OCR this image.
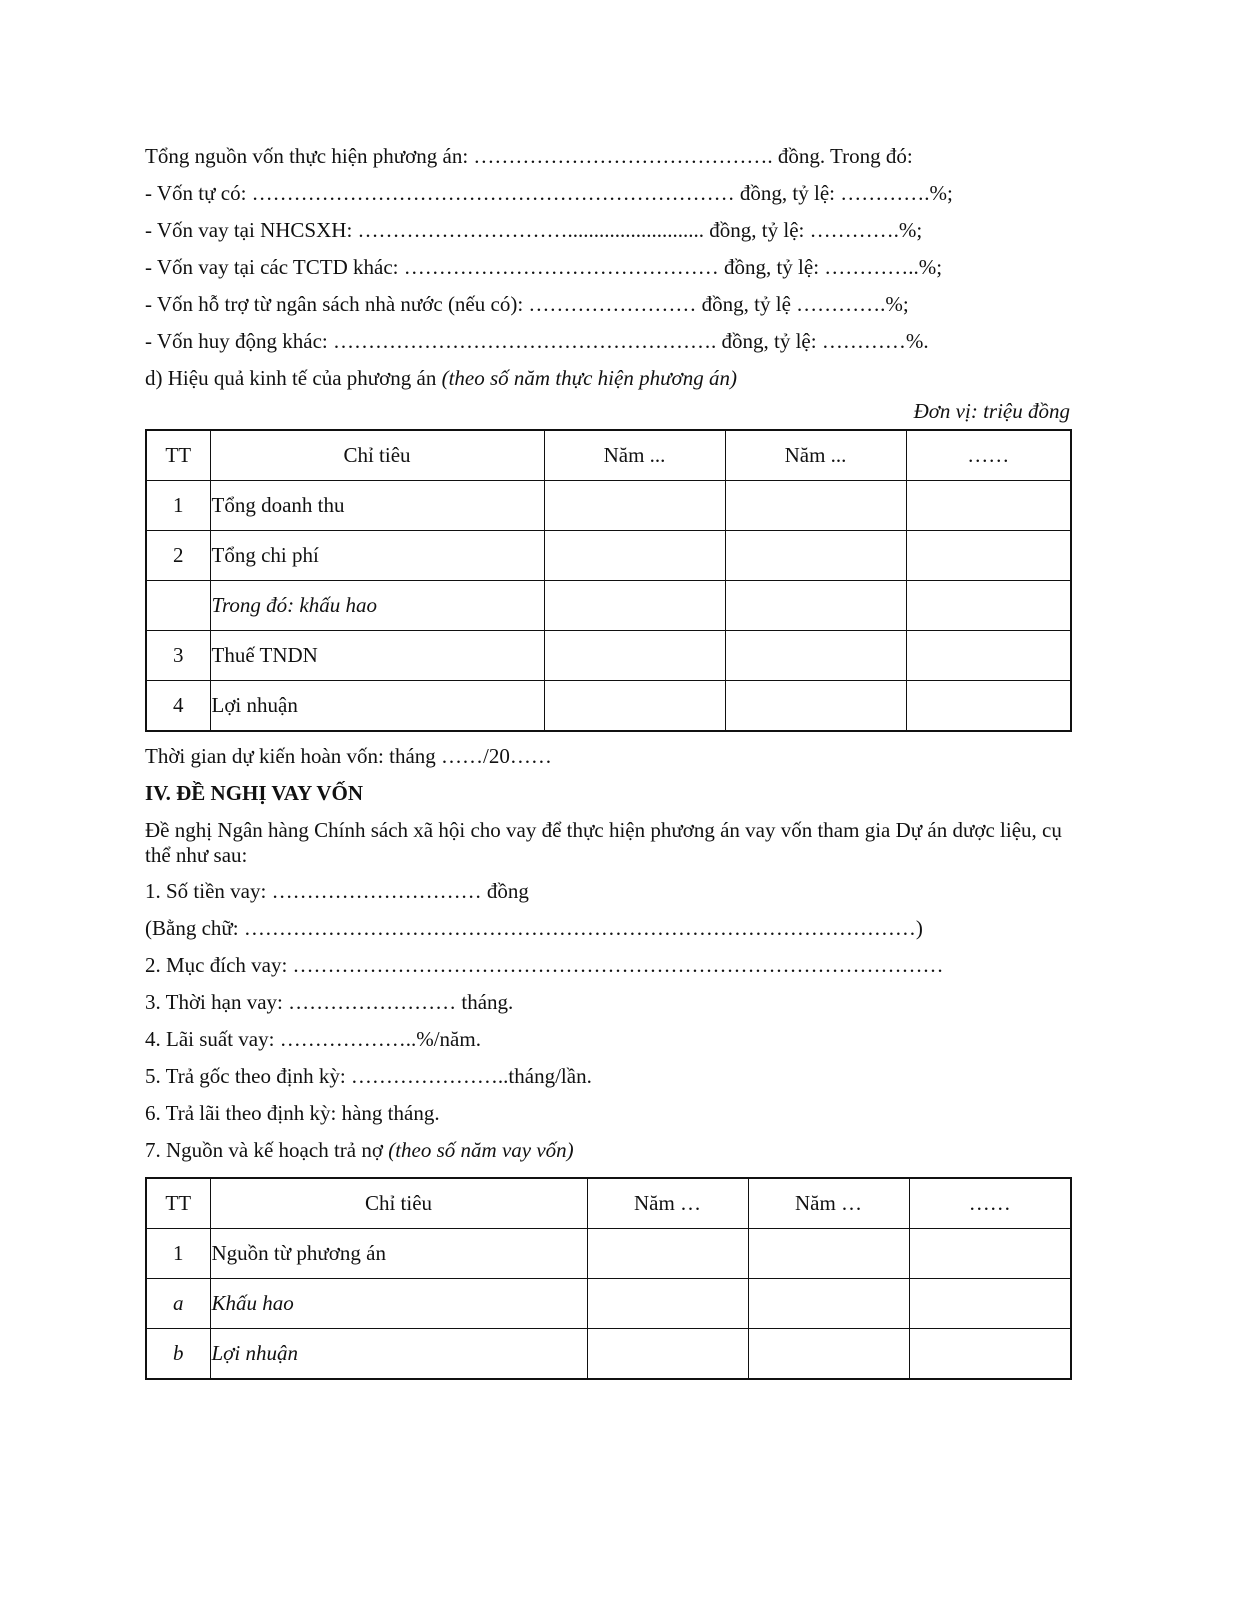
Tổng nguồn vốn thực hiện phương án: ……………………………………. đồng. Trong đó:
- Vốn tự có: …………………………………………………………… đồng, tỷ lệ: ………….%;
- Vốn vay tại NHCSXH: ………………………….......................... đồng, tỷ lệ: ………….%;
- Vốn vay tại các TCTD khác: ……………………………………… đồng, tỷ lệ: …………..%;
- Vốn hỗ trợ từ ngân sách nhà nước (nếu có): …………………… đồng, tỷ lệ ………….%;
- Vốn huy động khác: ………………………………………………. đồng, tỷ lệ: …………%.
d) Hiệu quả kinh tế của phương án (theo số năm thực hiện phương án)
Đơn vị: triệu đồng
TT	Chỉ tiêu	Năm ...	Năm ...	……
1	Tổng doanh thu			
2	Tổng chi phí			
	Trong đó: khấu hao			
3	Thuế TNDN			
4	Lợi nhuận			
Thời gian dự kiến hoàn vốn: tháng ……/20……
IV. ĐỀ NGHỊ VAY VỐN
Đề nghị Ngân hàng Chính sách xã hội cho vay để thực hiện phương án vay vốn tham gia Dự án dược liệu, cụ thể như sau:
1. Số tiền vay: ………………………… đồng
(Bằng chữ: ……………………………………………………………………………………)
2. Mục đích vay: …………………………………………………………………………………
3. Thời hạn vay: …………………… tháng.
4. Lãi suất vay: ………………..%/năm.
5. Trả gốc theo định kỳ: …………………..tháng/lần.
6. Trả lãi theo định kỳ: hàng tháng.
7. Nguồn và kế hoạch trả nợ (theo số năm vay vốn)
TT	Chỉ tiêu	Năm …	Năm …	……
1	Nguồn từ phương án			
a	Khấu hao			
b	Lợi nhuận			
